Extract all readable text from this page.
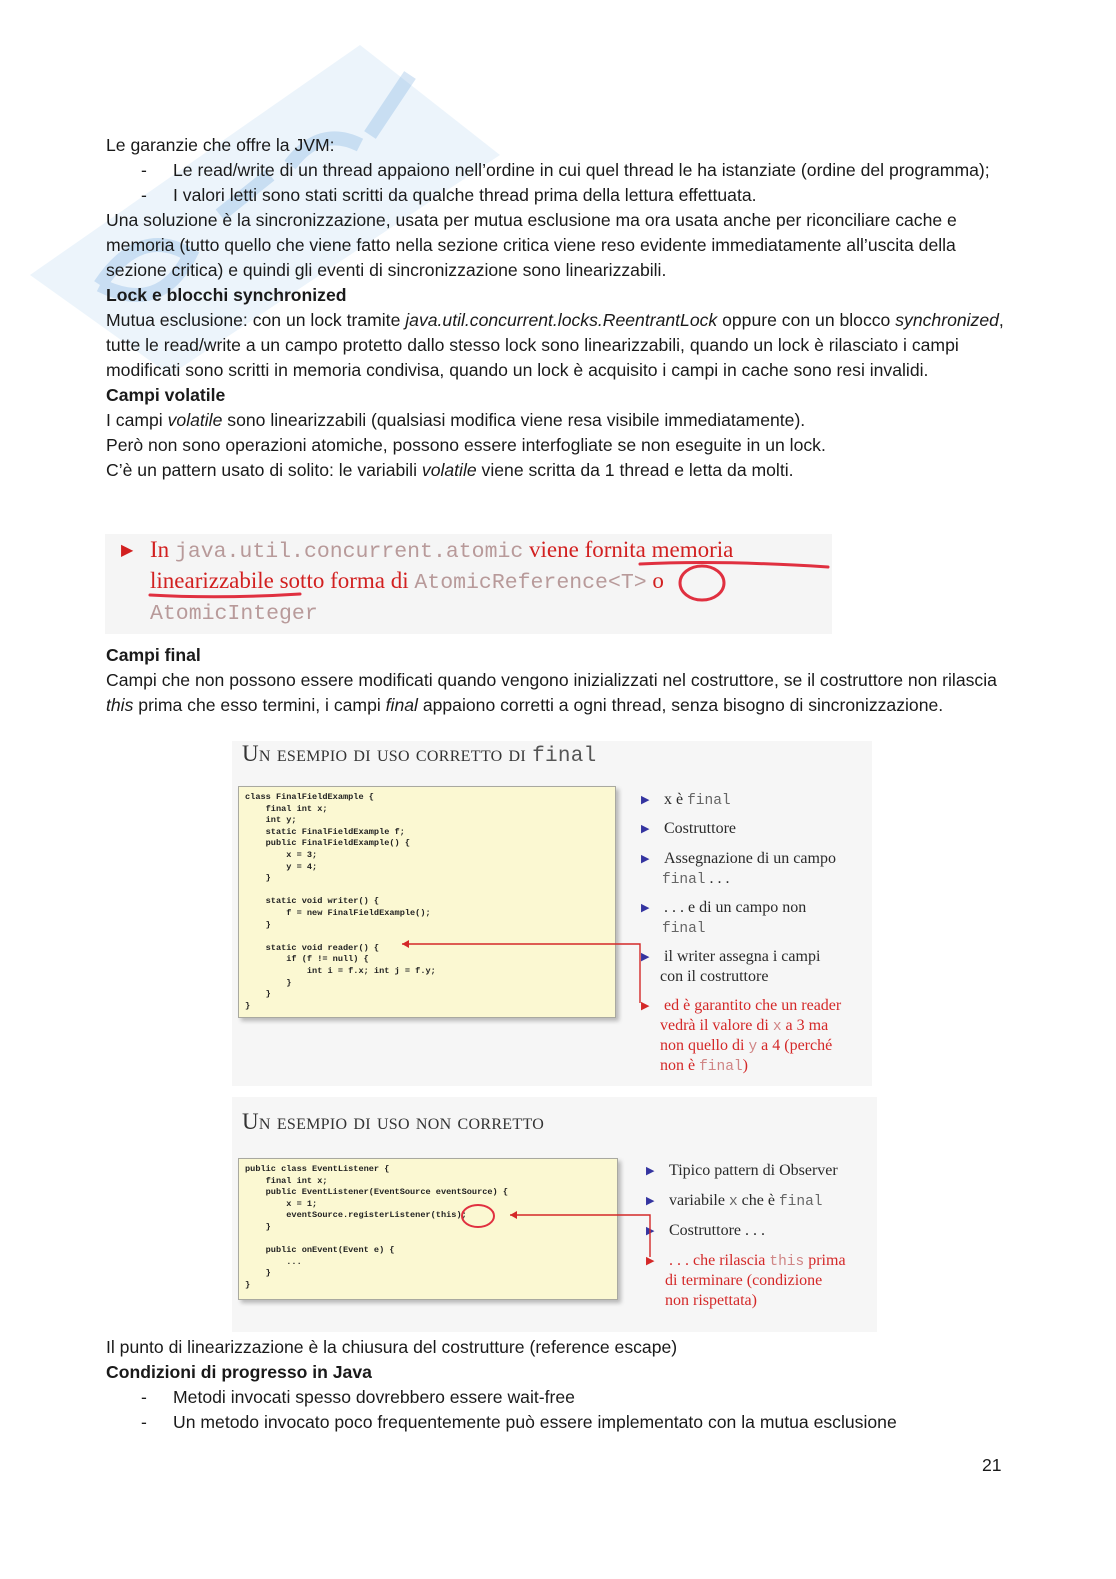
Le garanzie che offre la JVM:

- Le read/write di un thread appaiono nell’ordine in cui quel thread le ha istanziate (ordine del programma);
- I valori letti sono stati scritti da qualche thread prima della lettura effettuata.

Una soluzione è la sincronizzazione, usata per mutua esclusione ma ora usata anche per riconciliare cache e memoria (tutto quello che viene fatto nella sezione critica viene reso evidente immediatamente all’uscita della sezione critica) e quindi gli eventi di sincronizzazione sono linearizzabili.

Lock e blocchi synchronized

Mutua esclusione: con un lock tramite java.util.concurrent.locks.ReentrantLock oppure con un blocco synchronized, tutte le read/write a un campo protetto dallo stesso lock sono linearizzabili, quando un lock è rilasciato i campi modificati sono scritti in memoria condivisa, quando un lock è acquisito i campi in cache sono resi invalidi.

Campi volatile

I campi volatile sono linearizzabili (qualsiasi modifica viene resa visibile immediatamente).

Però non sono operazioni atomiche, possono essere interfogliate se non eseguite in un lock.

C’è un pattern usato di solito: le variabili volatile viene scritta da 1 thread e letta da molti.

▶ In java.util.concurrent.atomic viene fornita memoria
linearizzabile sotto forma di AtomicReference<T> o
AtomicInteger
Campi final

Campi che non possono essere modificati quando vengono inizializzati nel costruttore, se il costruttore non rilascia this prima che esso termini, i campi final appaiono corretti a ogni thread, senza bisogno di sincronizzazione.

Un esempio di uso corretto di final
class FinalFieldExample {
final int x;
int y;
static FinalFieldExample f;
public FinalFieldExample() {
x = 3;
y = 4;
}

static void writer() {
f = new FinalFieldExample();
}

static void reader() {
if (f != null) {
int i = f.x; int j = f.y;
}
}
}
▶ x è final
▶ Costruttore
▶ Assegnazione di un campo
final . . .
▶ . . . e di un campo non
final
▶ il writer assegna i campi
con il costruttore
▶ ed è garantito che un reader
vedrà il valore di x a 3 ma
non quello di y a 4 (perché
non è final)
Un esempio di uso non corretto
public class EventListener {
final int x;
public EventListener(EventSource eventSource) {
x = 1;
eventSource.registerListener(this);
}

public onEvent(Event e) {
...
}
}
▶ Tipico pattern di Observer
▶ variabile x che è final
▶ Costruttore . . .
▶ . . . che rilascia this prima
di terminare (condizione
non rispettata)

Il punto di linearizzazione è la chiusura del costrutture (reference escape)

Condizioni di progresso in Java
- Metodi invocati spesso dovrebbero essere wait-free
- Un metodo invocato poco frequentemente può essere implementato con la mutua esclusione
21
